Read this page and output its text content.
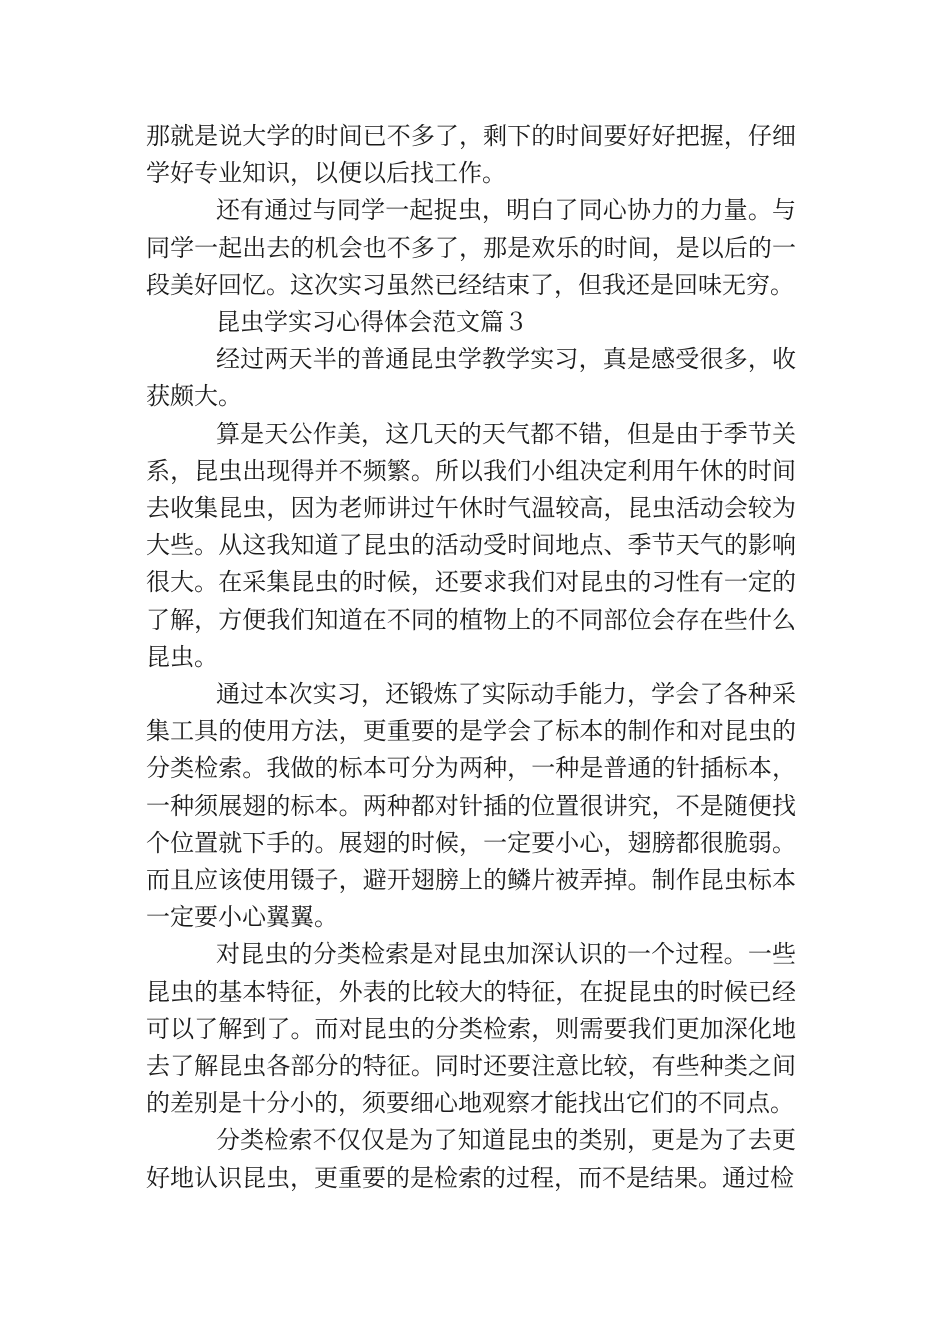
那就是说大学的时间已不多了，剩下的时间要好好把握，仔细学好专业知识，以便以后找工作。

还有通过与同学一起捉虫，明白了同心协力的力量。与同学一起出去的机会也不多了，那是欢乐的时间，是以后的一段美好回忆。这次实习虽然已经结束了，但我还是回味无穷。

昆虫学实习心得体会范文篇３

经过两天半的普通昆虫学教学实习，真是感受很多，收获颇大。

算是天公作美，这几天的天气都不错，但是由于季节关系，昆虫出现得并不频繁。所以我们小组决定利用午休的时间去收集昆虫，因为老师讲过午休时气温较高，昆虫活动会较为大些。从这我知道了昆虫的活动受时间地点、季节天气的影响很大。在采集昆虫的时候，还要求我们对昆虫的习性有一定的了解，方便我们知道在不同的植物上的不同部位会存在些什么昆虫。

通过本次实习，还锻炼了实际动手能力，学会了各种采集工具的使用方法，更重要的是学会了标本的制作和对昆虫的分类检索。我做的标本可分为两种，一种是普通的针插标本，一种须展翅的标本。两种都对针插的位置很讲究，不是随便找个位置就下手的。展翅的时候，一定要小心，翅膀都很脆弱。而且应该使用镊子，避开翅膀上的鳞片被弄掉。制作昆虫标本一定要小心翼翼。

对昆虫的分类检索是对昆虫加深认识的一个过程。一些昆虫的基本特征，外表的比较大的特征，在捉昆虫的时候已经可以了解到了。而对昆虫的分类检索，则需要我们更加深化地去了解昆虫各部分的特征。同时还要注意比较，有些种类之间的差别是十分小的，须要细心地观察才能找出它们的不同点。

分类检索不仅仅是为了知道昆虫的类别，更是为了去更好地认识昆虫，更重要的是检索的过程，而不是结果。通过检
